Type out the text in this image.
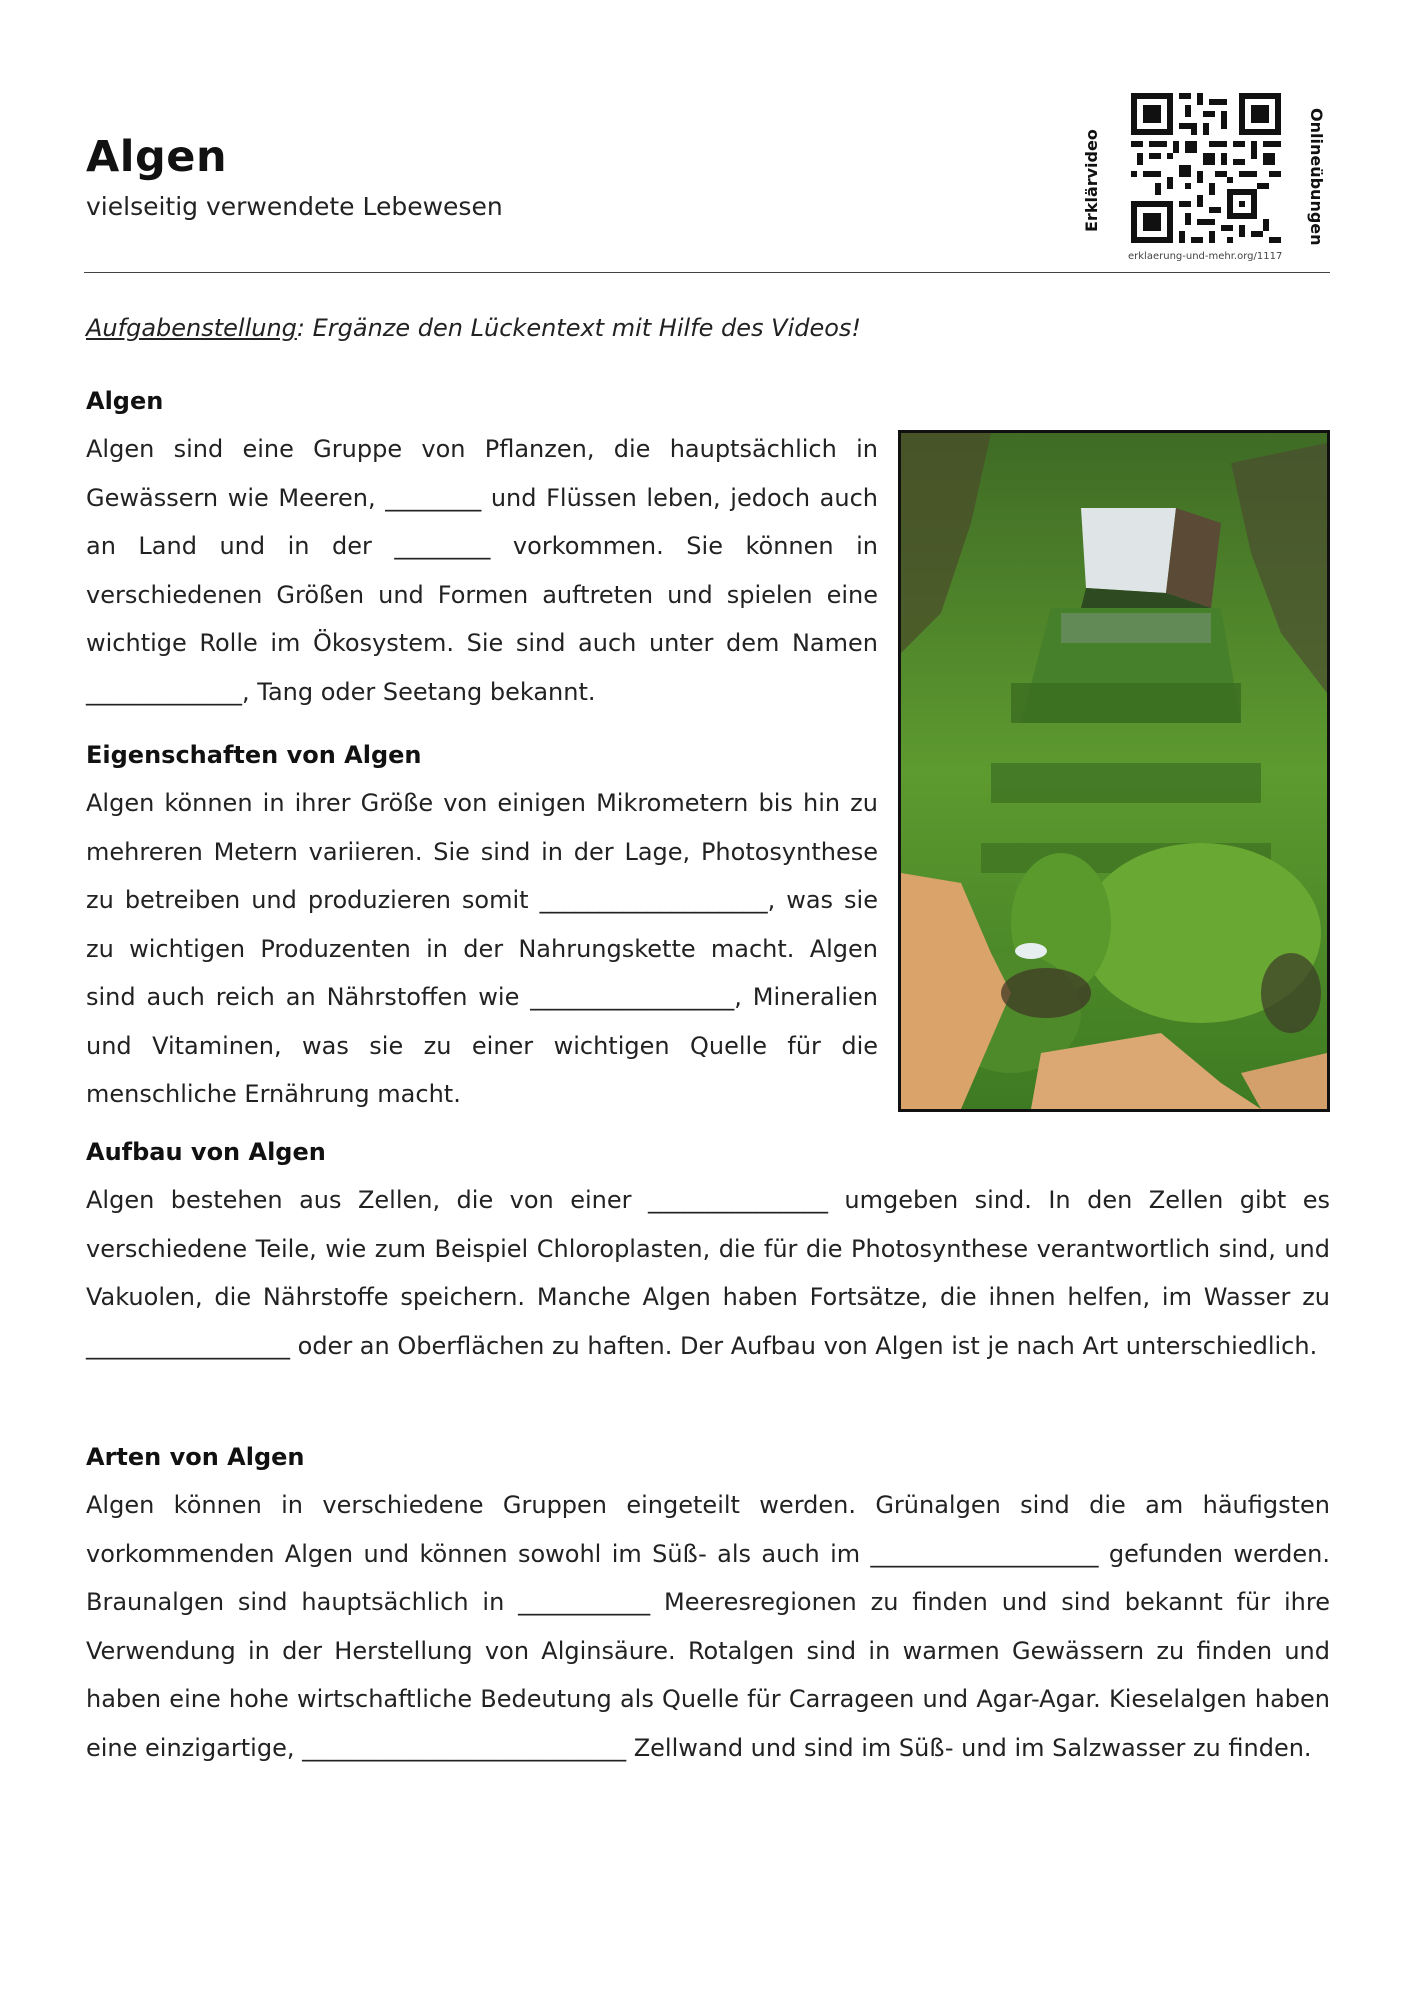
Algen
vielseitig verwendete Lebewesen	Erklärvideo	Onlineübungen
erklaerung-und-mehr.org/1117
Aufgabenstellung: Ergänze den Lückentext mit Hilfe des Videos!
Algen

Algen sind eine Gruppe von Pflanzen, die hauptsächlich in Gewässern wie Meeren, ________ und Flüssen leben, jedoch auch an Land und in der ________ vorkommen. Sie können in verschiedenen Größen und Formen auftreten und spielen eine wichtige Rolle im Ökosystem. Sie sind auch unter dem Namen _____________, Tang oder Seetang bekannt.

Eigenschaften von Algen

Algen können in ihrer Größe von einigen Mikrometern bis hin zu mehreren Metern variieren. Sie sind in der Lage, Photosynthese zu betreiben und produzieren somit ___________________, was sie zu wichtigen Produzenten in der Nahrungskette macht. Algen sind auch reich an Nährstoffen wie _________________, Mineralien und Vitaminen, was sie zu einer wichtigen Quelle für die menschliche Ernährung macht.

Aufbau von Algen

Algen bestehen aus Zellen, die von einer _______________ umgeben sind. In den Zellen gibt es verschiedene Teile, wie zum Beispiel Chloroplasten, die für die Photosynthese verantwortlich sind, und Vakuolen, die Nährstoffe speichern. Manche Algen haben Fortsätze, die ihnen helfen, im Wasser zu _________________ oder an Oberflächen zu haften. Der Aufbau von Algen ist je nach Art unterschiedlich.

Arten von Algen

Algen können in verschiedene Gruppen eingeteilt werden. Grünalgen sind die am häufigsten vorkommenden Algen und können sowohl im Süß- als auch im ___________________ gefunden werden. Braunalgen sind hauptsächlich in ___________ Meeresregionen zu finden und sind bekannt für ihre Verwendung in der Herstellung von Alginsäure. Rotalgen sind in warmen Gewässern zu finden und haben eine hohe wirtschaftliche Bedeutung als Quelle für Carrageen und Agar-Agar. Kieselalgen haben eine einzigartige, ___________________________ Zellwand und sind im Süß- und im Salzwasser zu finden.
